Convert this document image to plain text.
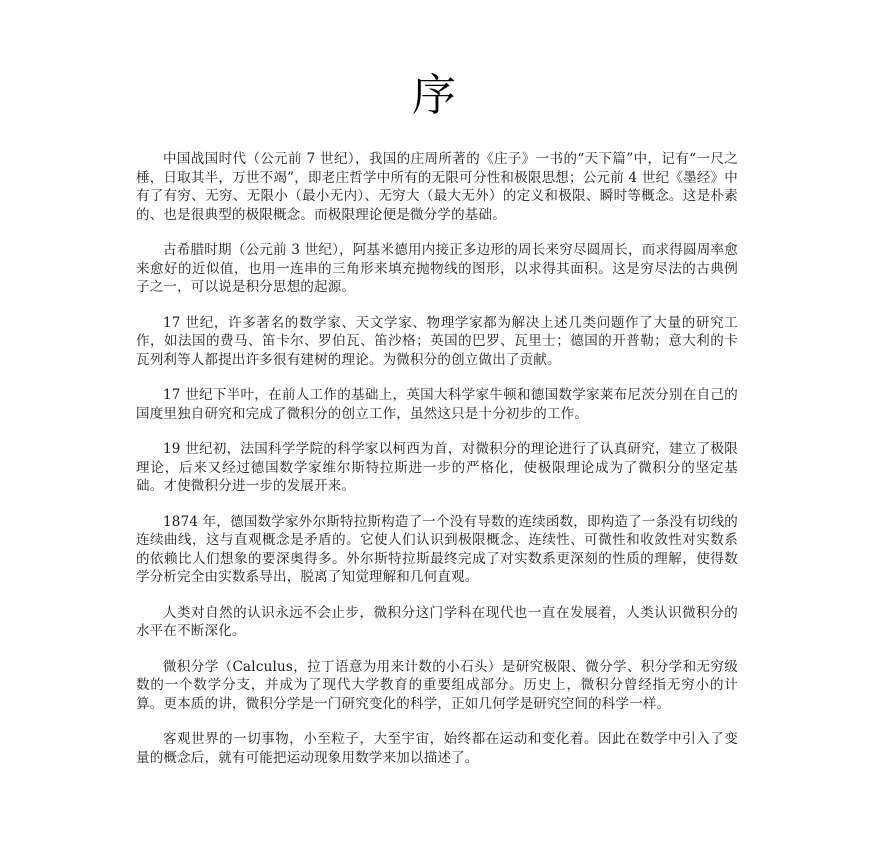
序

中国战国时代（公元前 7 世纪），我国的庄周所著的《庄子》一书的“天下篇”中，记有“一尺之棰，日取其半，万世不竭”，即老庄哲学中所有的无限可分性和极限思想；公元前 4 世纪《墨经》中有了有穷、无穷、无限小（最小无内）、无穷大（最大无外）的定义和极限、瞬时等概念。这是朴素的、也是很典型的极限概念。而极限理论便是微分学的基础。

古希腊时期（公元前 3 世纪），阿基米德用内接正多边形的周长来穷尽圆周长，而求得圆周率愈来愈好的近似值，也用一连串的三角形来填充抛物线的图形，以求得其面积。这是穷尽法的古典例子之一，可以说是积分思想的起源。

17 世纪，许多著名的数学家、天文学家、物理学家都为解决上述几类问题作了大量的研究工作，如法国的费马、笛卡尔、罗伯瓦、笛沙格；英国的巴罗、瓦里士；德国的开普勒；意大利的卡瓦列利等人都提出许多很有建树的理论。为微积分的创立做出了贡献。

17 世纪下半叶，在前人工作的基础上，英国大科学家牛顿和德国数学家莱布尼茨分别在自己的国度里独自研究和完成了微积分的创立工作，虽然这只是十分初步的工作。

19 世纪初，法国科学学院的科学家以柯西为首，对微积分的理论进行了认真研究，建立了极限理论，后来又经过德国数学家维尔斯特拉斯进一步的严格化，使极限理论成为了微积分的坚定基础。才使微积分进一步的发展开来。

1874 年，德国数学家外尔斯特拉斯构造了一个没有导数的连续函数，即构造了一条没有切线的连续曲线，这与直观概念是矛盾的。它使人们认识到极限概念、连续性、可微性和收敛性对实数系的依赖比人们想象的要深奥得多。外尔斯特拉斯最终完成了对实数系更深刻的性质的理解，使得数学分析完全由实数系导出，脱离了知觉理解和几何直观。

人类对自然的认识永远不会止步，微积分这门学科在现代也一直在发展着，人类认识微积分的水平在不断深化。

微积分学（Calculus，拉丁语意为用来计数的小石头）是研究极限、微分学、积分学和无穷级数的一个数学分支，并成为了现代大学教育的重要组成部分。历史上，微积分曾经指无穷小的计算。更本质的讲，微积分学是一门研究变化的科学，正如几何学是研究空间的科学一样。

客观世界的一切事物，小至粒子，大至宇宙，始终都在运动和变化着。因此在数学中引入了变量的概念后，就有可能把运动现象用数学来加以描述了。
